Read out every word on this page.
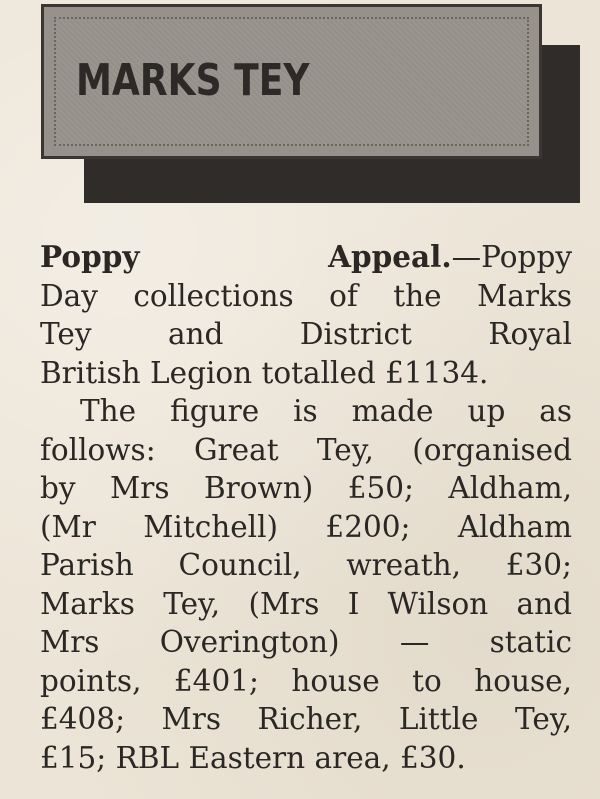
MARKS TEY

Poppy Appeal.—Poppy
Day collections of the Marks
Tey and District Royal
British Legion totalled £1134.

The figure is made up as
follows: Great Tey, (organised
by Mrs Brown) £50; Aldham,
(Mr Mitchell) £200; Aldham
Parish Council, wreath, £30;
Marks Tey, (Mrs I Wilson and
Mrs Overington) — static
points, £401; house to house,
£408; Mrs Richer, Little Tey,
£15; RBL Eastern area, £30.
